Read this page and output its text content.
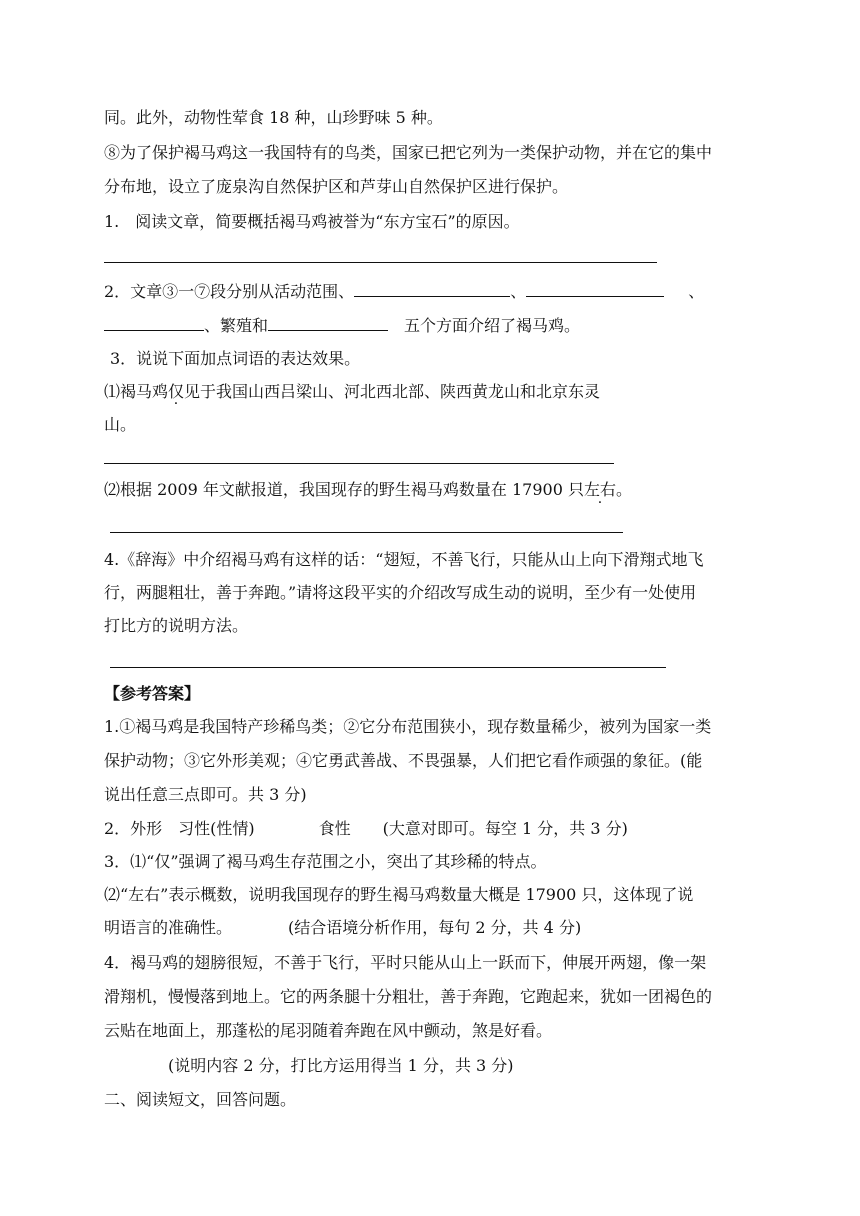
同。此外，动物性荤食 18 种，山珍野味 5 种。
⑧为了保护褐马鸡这一我国特有的鸟类，国家已把它列为一类保护动物，并在它的集中
分布地，设立了庞泉沟自然保护区和芦芽山自然保护区进行保护。
1.　阅读文章，简要概括褐马鸡被誉为“东方宝石”的原因。
2．文章③一⑦段分别从活动范围、	、	、
、繁殖和	五个方面介绍了褐马鸡。
3．说说下面加点词语的表达效果。
⑴褐马鸡仅见于我国山西吕梁山、河北西北部、陕西黄龙山和北京东灵
山。
⑵根据 2009 年文献报道，我国现存的野生褐马鸡数量在 17900 只左右。
4.《辞海》中介绍褐马鸡有这样的话：“翅短，不善飞行，只能从山上向下滑翔式地飞
行，两腿粗壮，善于奔跑。”请将这段平实的介绍改写成生动的说明，至少有一处使用
打比方的说明方法。
【参考答案】
1.①褐马鸡是我国特产珍稀鸟类；②它分布范围狭小，现存数量稀少，被列为国家一类
保护动物；③它外形美观；④它勇武善战、不畏强暴，人们把它看作顽强的象征。(能
说出任意三点即可。共 3 分)
2．外形　习性(性情)　　　　食性　　(大意对即可。每空 1 分，共 3 分)
3．⑴“仅”强调了褐马鸡生存范围之小，突出了其珍稀的特点。
⑵“左右”表示概数，说明我国现存的野生褐马鸡数量大概是 17900 只，这体现了说
明语言的准确性。　　　　(结合语境分析作用，每句 2 分，共 4 分)
4．褐马鸡的翅膀很短，不善于飞行，平时只能从山上一跃而下，伸展开两翅，像一架
滑翔机，慢慢落到地上。它的两条腿十分粗壮，善于奔跑，它跑起来，犹如一团褐色的
云贴在地面上，那蓬松的尾羽随着奔跑在风中颤动，煞是好看。
(说明内容 2 分，打比方运用得当 1 分，共 3 分)
二、阅读短文，回答问题。
